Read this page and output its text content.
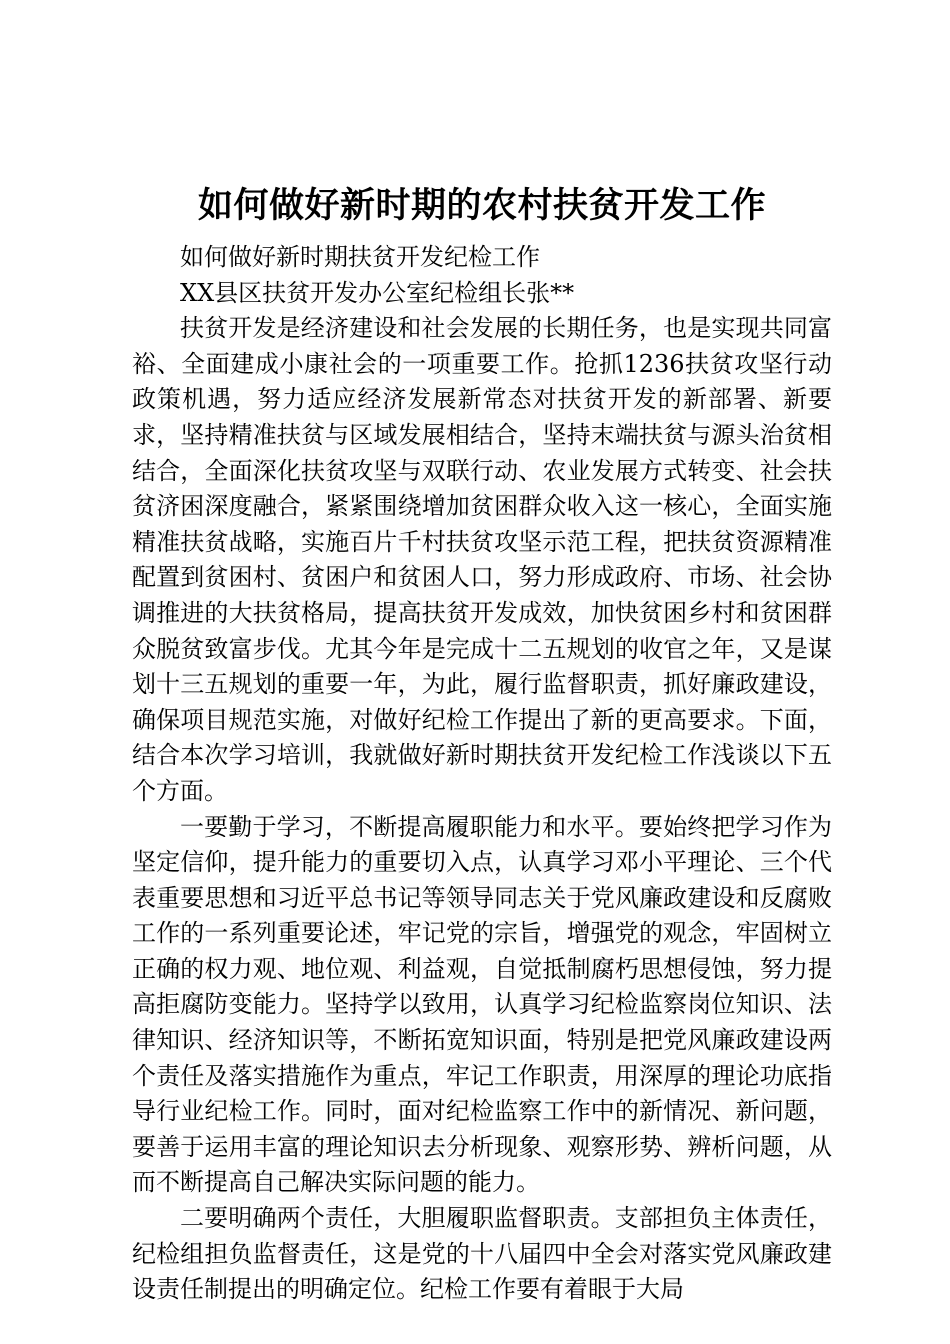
如何做好新时期的农村扶贫开发工作

如何做好新时期扶贫开发纪检工作

XX县区扶贫开发办公室纪检组长张**

扶贫开发是经济建设和社会发展的长期任务，也是实现共同富裕、全面建成小康社会的一项重要工作。抢抓1236扶贫攻坚行动政策机遇，努力适应经济发展新常态对扶贫开发的新部署、新要求，坚持精准扶贫与区域发展相结合，坚持末端扶贫与源头治贫相结合，全面深化扶贫攻坚与双联行动、农业发展方式转变、社会扶贫济困深度融合，紧紧围绕增加贫困群众收入这一核心，全面实施精准扶贫战略，实施百片千村扶贫攻坚示范工程，把扶贫资源精准配置到贫困村、贫困户和贫困人口，努力形成政府、市场、社会协调推进的大扶贫格局，提高扶贫开发成效，加快贫困乡村和贫困群众脱贫致富步伐。尤其今年是完成十二五规划的收官之年，又是谋划十三五规划的重要一年，为此，履行监督职责，抓好廉政建设，确保项目规范实施，对做好纪检工作提出了新的更高要求。下面，结合本次学习培训，我就做好新时期扶贫开发纪检工作浅谈以下五个方面。

一要勤于学习，不断提高履职能力和水平。要始终把学习作为坚定信仰，提升能力的重要切入点，认真学习邓小平理论、三个代表重要思想和习近平总书记等领导同志关于党风廉政建设和反腐败工作的一系列重要论述，牢记党的宗旨，增强党的观念，牢固树立正确的权力观、地位观、利益观，自觉抵制腐朽思想侵蚀，努力提高拒腐防变能力。坚持学以致用，认真学习纪检监察岗位知识、法律知识、经济知识等，不断拓宽知识面，特别是把党风廉政建设两个责任及落实措施作为重点，牢记工作职责，用深厚的理论功底指导行业纪检工作。同时，面对纪检监察工作中的新情况、新问题，要善于运用丰富的理论知识去分析现象、观察形势、辨析问题，从而不断提高自己解决实际问题的能力。

二要明确两个责任，大胆履职监督职责。支部担负主体责任，纪检组担负监督责任，这是党的十八届四中全会对落实党风廉政建设责任制提出的明确定位。纪检工作要有着眼于大局
